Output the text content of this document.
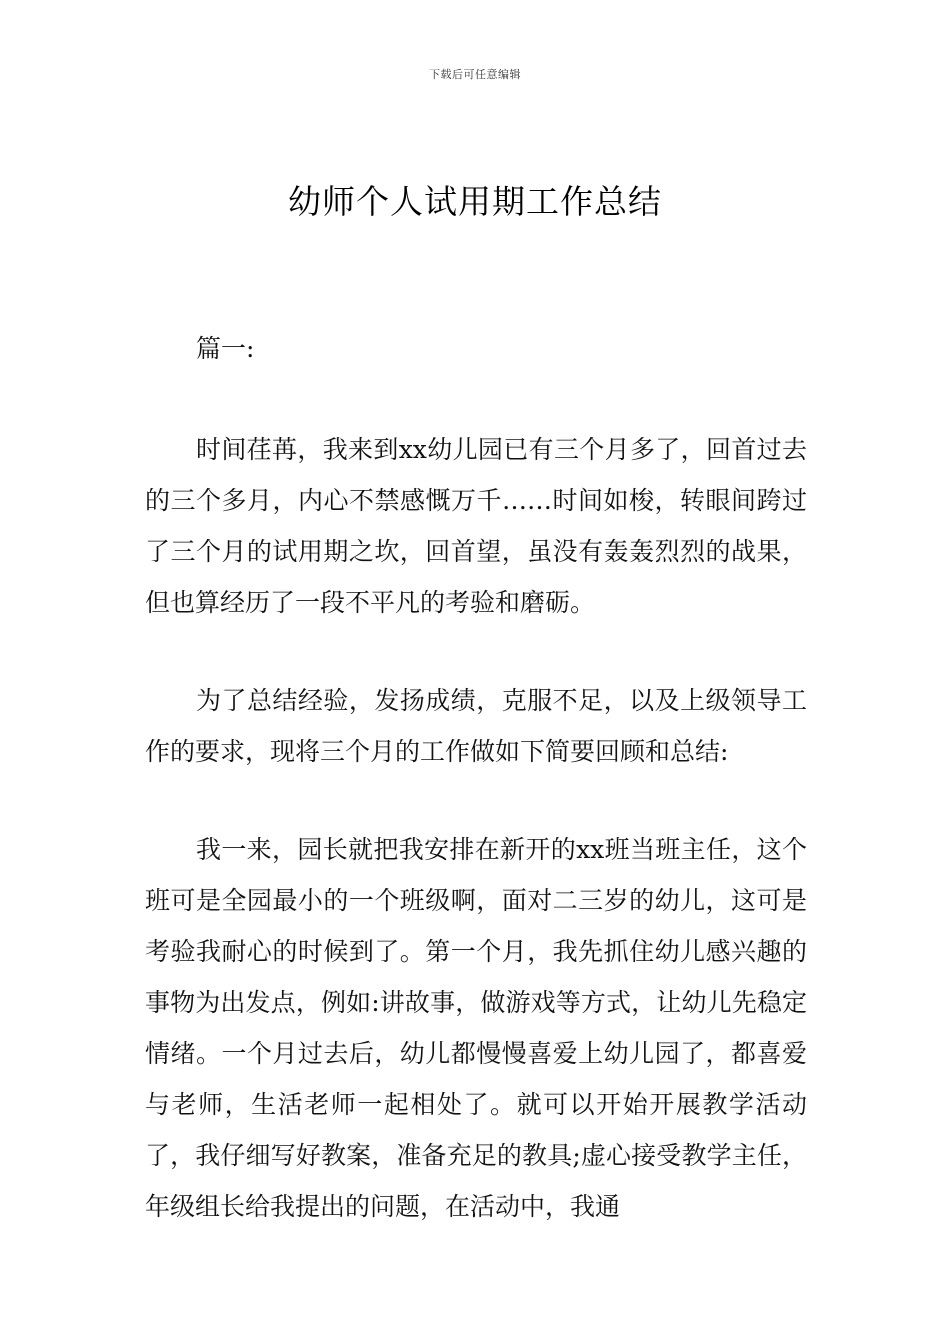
下载后可任意编辑
幼师个人试用期工作总结

篇一:

时间荏苒，我来到xx幼儿园已有三个月多了，回首过去的三个多月，内心不禁感慨万千……时间如梭，转眼间跨过了三个月的试用期之坎，回首望，虽没有轰轰烈烈的战果，但也算经历了一段不平凡的考验和磨砺。

为了总结经验，发扬成绩，克服不足，以及上级领导工作的要求，现将三个月的工作做如下简要回顾和总结:

我一来，园长就把我安排在新开的xx班当班主任，这个班可是全园最小的一个班级啊，面对二三岁的幼儿，这可是考验我耐心的时候到了。第一个月，我先抓住幼儿感兴趣的事物为出发点，例如:讲故事，做游戏等方式，让幼儿先稳定情绪。一个月过去后，幼儿都慢慢喜爱上幼儿园了，都喜爱与老师，生活老师一起相处了。就可以开始开展教学活动了，我仔细写好教案，准备充足的教具;虚心接受教学主任，年级组长给我提出的问题，在活动中，我通
